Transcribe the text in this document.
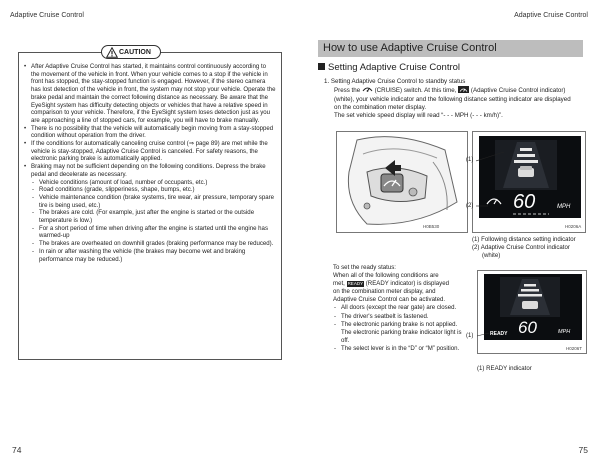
Adaptive Cruise Control	Adaptive Cruise Control
CAUTION
• After Adaptive Cruise Control has started, it maintains control continuously according to the movement of the vehicle in front. When your vehicle comes to a stop if the vehicle in front has stopped, the stay-stopped function is engaged. However, if the stereo camera has lost detection of the vehicle in front, the system may not stop your vehicle. Operate the brake pedal and maintain the correct following distance as necessary. Be aware that the EyeSight system has difficulty detecting objects or vehicles that have a relative speed in comparison to your vehicle. Therefore, if the EyeSight system loses detection just as you are approaching a line of stopped cars, for example, you will have to brake manually.
• There is no possibility that the vehicle will automatically begin moving from a stay-stopped condition without operation from the driver.
• If the conditions for automatically canceling cruise control (⇒ page 89) are met while the vehicle is stay-stopped, Adaptive Cruise Control is canceled. For safety reasons, the electronic parking brake is automatically applied.
• Braking may not be sufficient depending on the following conditions. Depress the brake pedal and decelerate as necessary.
- Vehicle conditions (amount of load, number of occupants, etc.)
- Road conditions (grade, slipperiness, shape, bumps, etc.)
- Vehicle maintenance condition (brake systems, tire wear, air pressure, temporary spare tire is being used, etc.)
- The brakes are cold. (For example, just after the engine is started or the outside temperature is low.)
- For a short period of time when driving after the engine is started until the engine has warmed-up
- The brakes are overheated on downhill grades (braking performance may be reduced).
- In rain or after washing the vehicle (the brakes may become wet and braking performance may be reduced.)
How to use Adaptive Cruise Control
Setting Adaptive Cruise Control
1. Setting Adaptive Cruise Control to standby status
Press the (CRUISE) switch. At this time, (Adaptive Cruise Control indicator)
(white), your vehicle indicator and the following distance setting indicator are displayed
on the combination meter display.
The set vehicle speed display will read “- - - MPH (- - - km/h)”.
H0B530
60	MPH
H0206A
(1)
(2)
(1) Following distance setting indicator
(2) Adaptive Cruise Control indicator
(white)
To set the ready status:
When all of the following conditions are
met, READY (READY indicator) is displayed
on the combination meter display, and
Adaptive Cruise Control can be activated.
- All doors (except the rear gate) are closed.
- The driver's seatbelt is fastened.
- The electronic parking brake is not applied. The electronic parking brake indicator light is off.
- The select lever is in the “D” or “M” position.
60	MPH
READY
H0206T
(1)
(1) READY indicator
74	75
